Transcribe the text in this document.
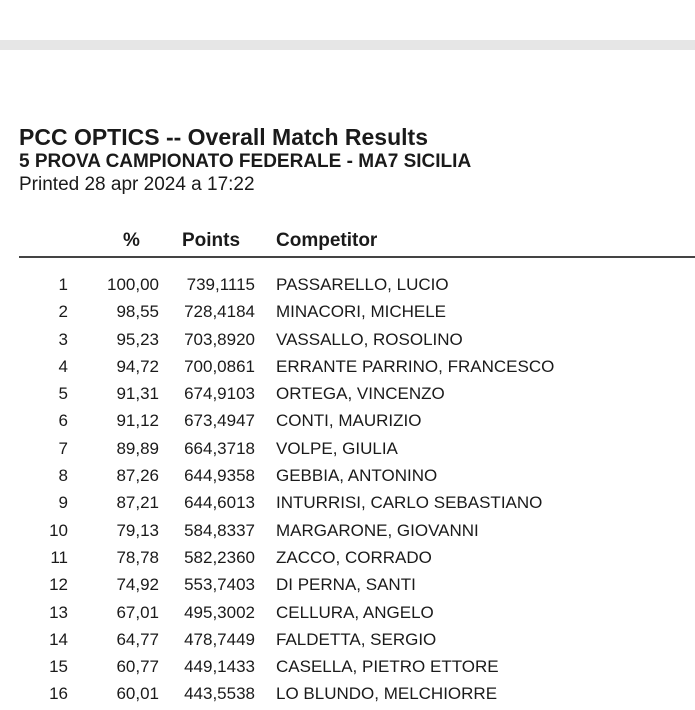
PCC OPTICS -- Overall Match Results
5 PROVA CAMPIONATO FEDERALE - MA7 SICILIA
Printed 28 apr 2024 a 17:22
% Points Competitor
1 100,00 739,1115 PASSARELLO, LUCIO
2	98,55 728,4184 MINACORI, MICHELE
3	95,23 703,8920 VASSALLO, ROSOLINO
4	94,72 700,0861 ERRANTE PARRINO, FRANCESCO
5	91,31 674,9103 ORTEGA, VINCENZO
6	91,12 673,4947 CONTI, MAURIZIO
7	89,89 664,3718 VOLPE, GIULIA
8	87,26 644,9358 GEBBIA, ANTONINO
9	87,21 644,6013 INTURRISI, CARLO SEBASTIANO
10	79,13 584,8337 MARGARONE, GIOVANNI
11	78,78 582,2360 ZACCO, CORRADO
12	74,92 553,7403 DI PERNA, SANTI
13	67,01 495,3002 CELLURA, ANGELO
14	64,77 478,7449 FALDETTA, SERGIO
15	60,77 449,1433 CASELLA, PIETRO ETTORE
16	60,01 443,5538 LO BLUNDO, MELCHIORRE
